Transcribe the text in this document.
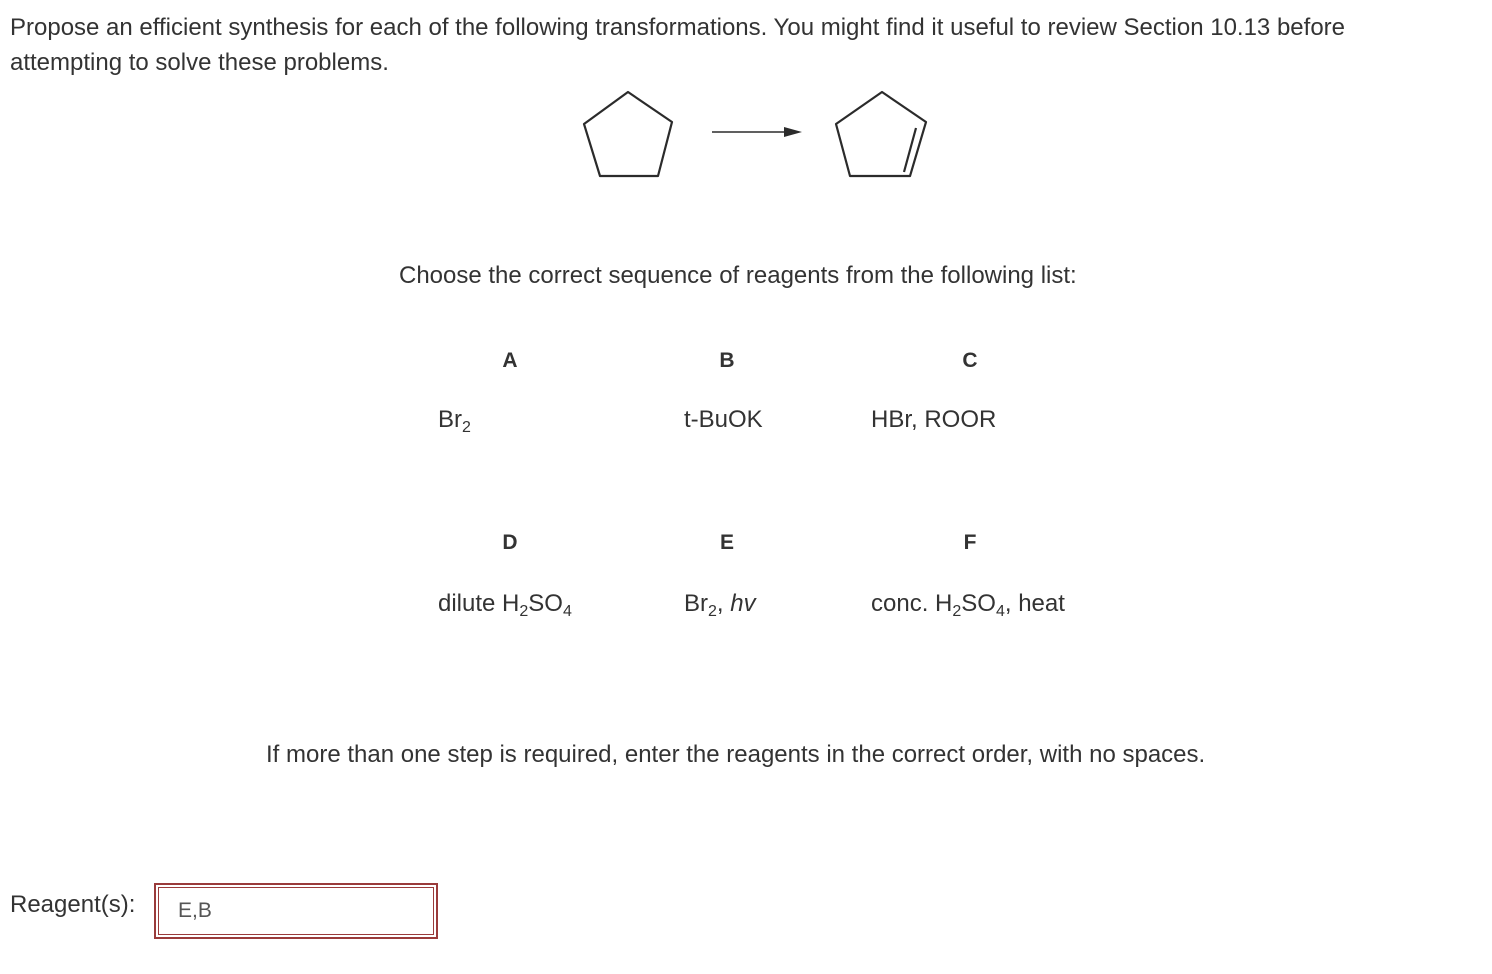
Propose an efficient synthesis for each of the following transformations. You might find it useful to review Section 10.13 before attempting to solve these problems.
Choose the correct sequence of reagents from the following list:
A	B	C
$Br_2$	t-BuOK	HBr, ROOR
D	E	F
dilute $H_2SO_4$	$Br_2$, hv	conc. $H_2SO_4$, heat
If more than one step is required, enter the reagents in the correct order, with no spaces.
Reagent(s):
E,B
